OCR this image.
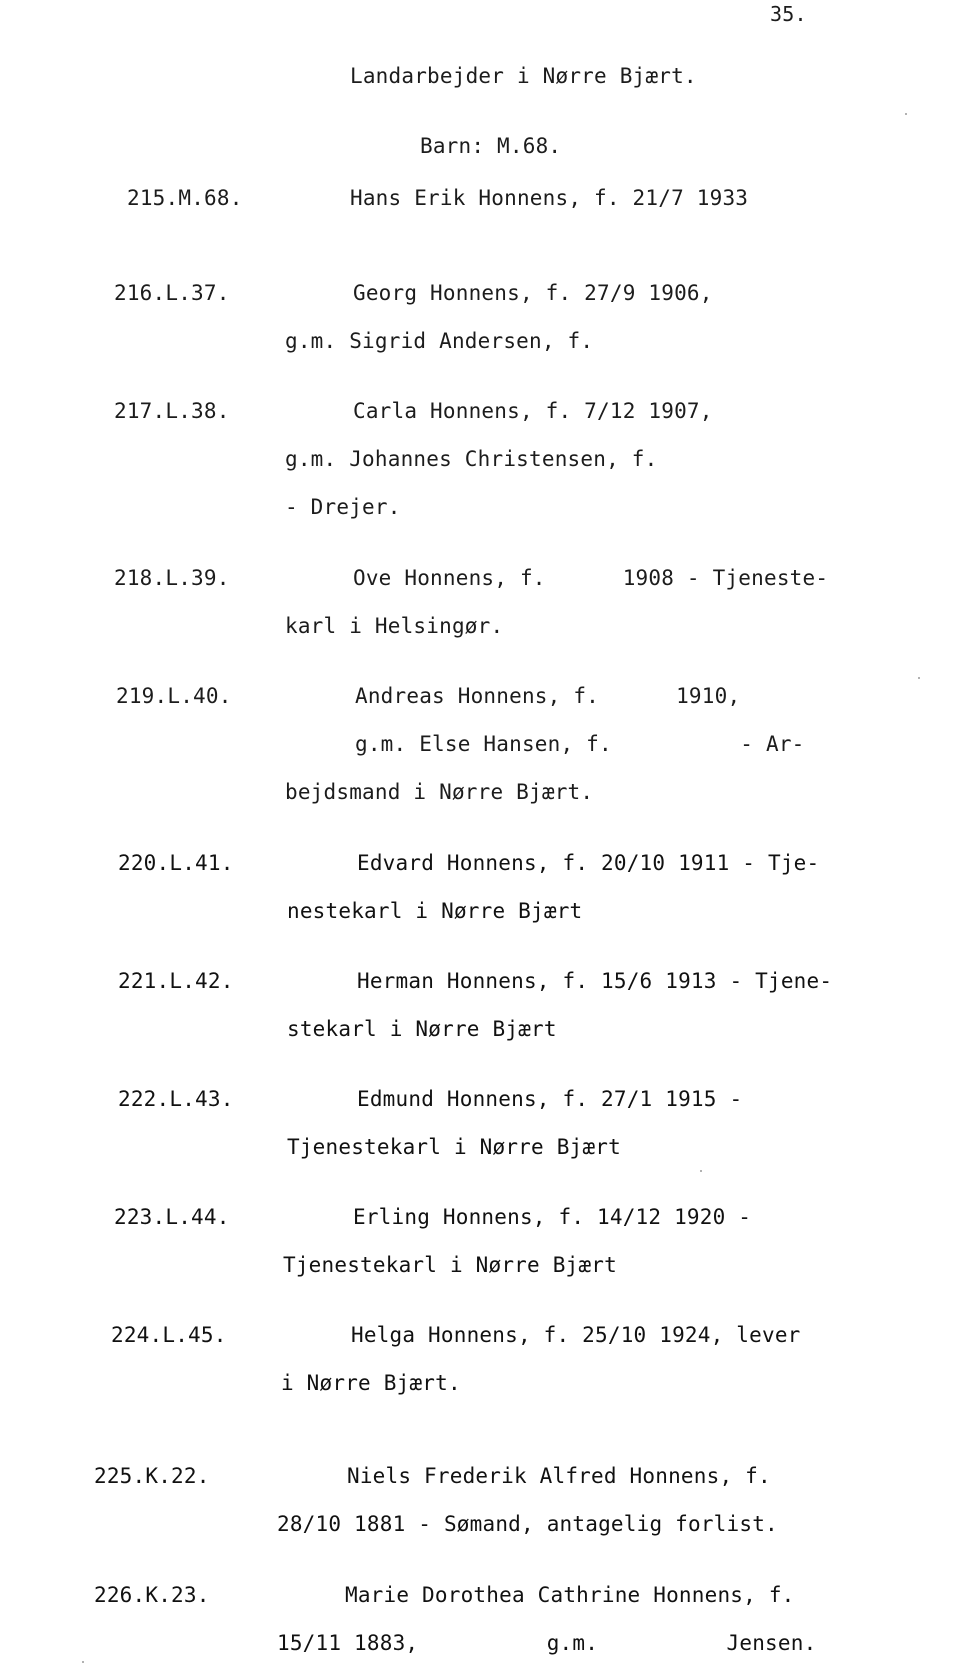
35.
Landarbejder i Nørre Bjært.
Barn: M.68.
215.M.68.	Hans Erik Honnens, f. 21/7 1933
216.L.37.	Georg Honnens, f. 27/9 1906,
g.m. Sigrid Andersen, f.
217.L.38.	Carla Honnens, f. 7/12 1907,
g.m. Johannes Christensen, f.
- Drejer.
218.L.39.	Ove Honnens, f.      1908 - Tjeneste-
karl i Helsingør.
219.L.40.	Andreas Honnens, f.      1910,
g.m. Else Hansen, f.          - Ar-
bejdsmand i Nørre Bjært.
220.L.41.	Edvard Honnens, f. 20/10 1911 - Tje-
nestekarl i Nørre Bjært
221.L.42.	Herman Honnens, f. 15/6 1913 - Tjene-
stekarl i Nørre Bjært
222.L.43.	Edmund Honnens, f. 27/1 1915 -
Tjenestekarl i Nørre Bjært
223.L.44.	Erling Honnens, f. 14/12 1920 -
Tjenestekarl i Nørre Bjært
224.L.45.	Helga Honnens, f. 25/10 1924, lever
i Nørre Bjært.
225.K.22.	Niels Frederik Alfred Honnens, f.
28/10 1881 - Sømand, antagelig forlist.
226.K.23.	Marie Dorothea Cathrine Honnens, f.
15/11 1883,          g.m.          Jensen.
